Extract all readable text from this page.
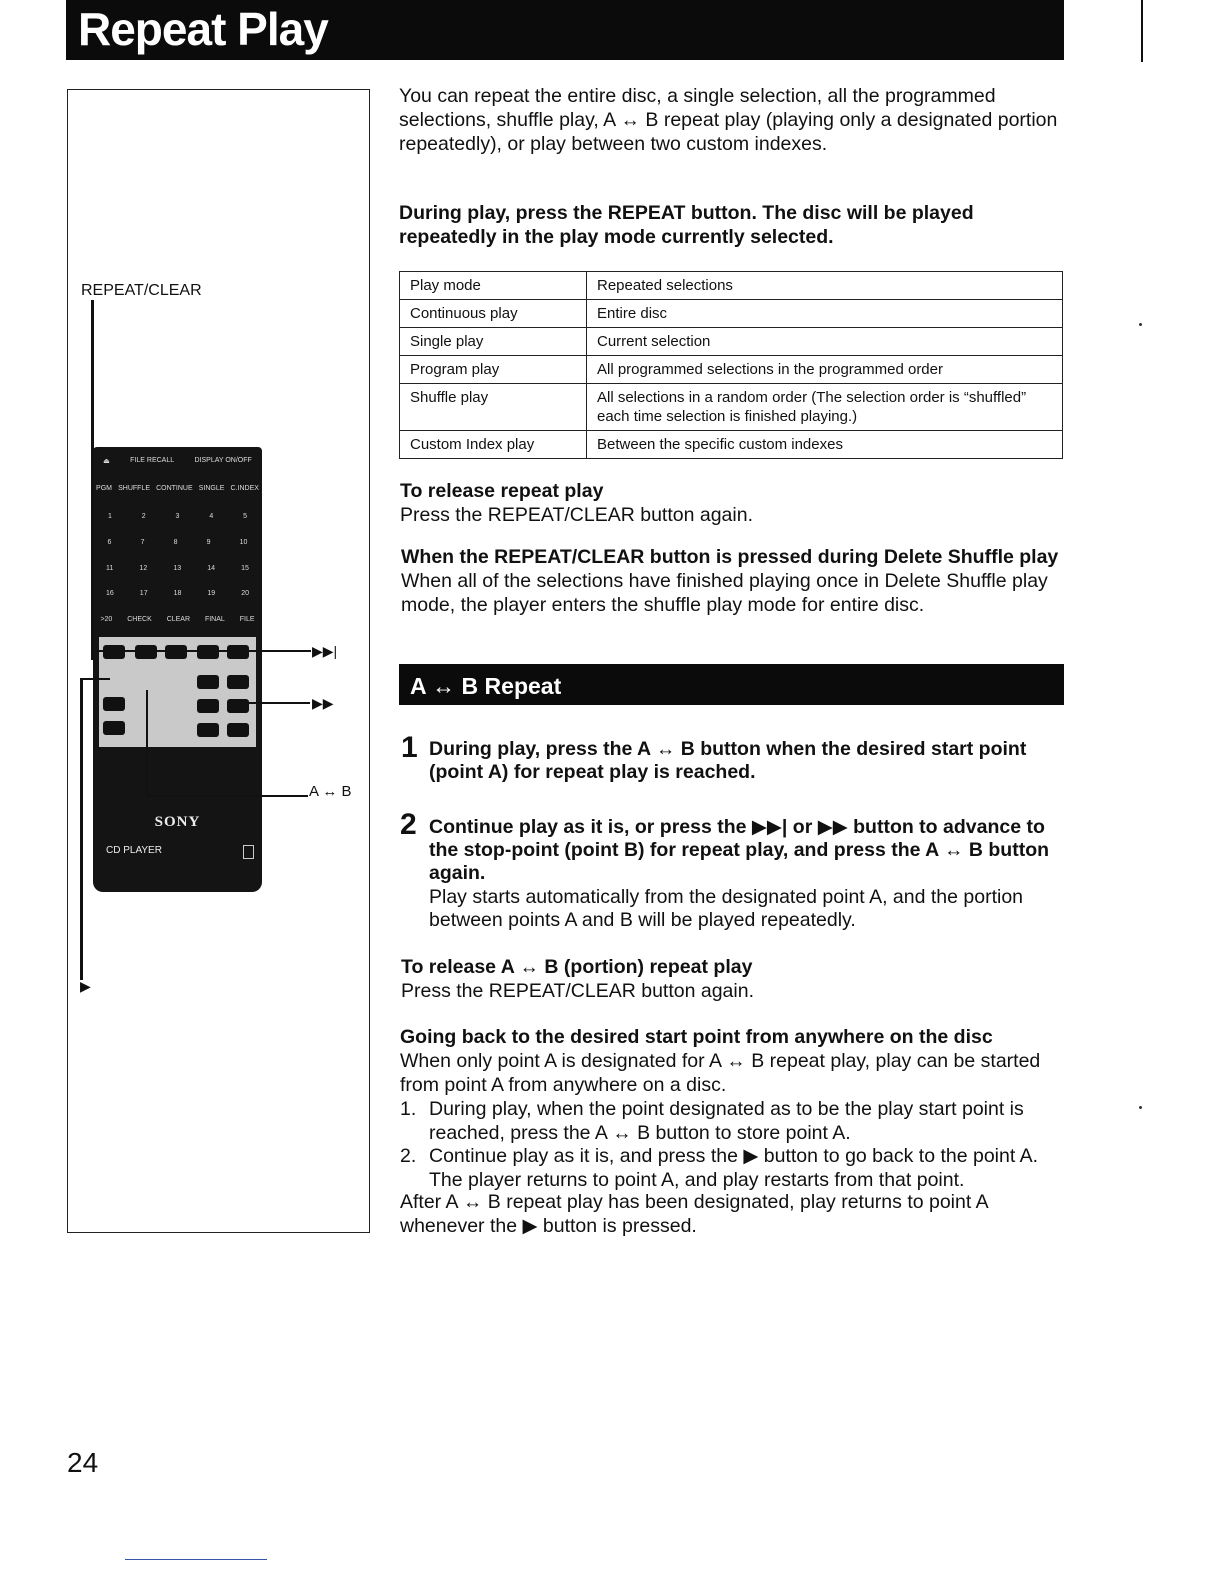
Repeat Play
REPEAT/CLEAR
⏏	FILE RECALL	DISPLAY ON/OFF
PGM SHUFFLE CONTINUE SINGLE C.INDEX
1	2	3	4	5
6	7	8	9	10
11	12	13	14	15
16	17	18	19	20
>20 CHECK CLEAR FINAL FILE
SONY
CD PLAYER
▶▶|
▶▶
▶
A ↔ B
You can repeat the entire disc, a single selection, all the programmed selections, shuffle play, A ↔ B repeat play (playing only a designated portion repeatedly), or play between two custom indexes.
During play, press the REPEAT button. The disc will be played repeatedly in the play mode currently selected.
Play mode	Repeated selections
Continuous play	Entire disc
Single play	Current selection
Program play	All programmed selections in the programmed order
Shuffle play	All selections in a random order (The selection order is “shuffled” each time selection is finished playing.)
Custom Index play	Between the specific custom indexes
To release repeat play
Press the REPEAT/CLEAR button again.
When the REPEAT/CLEAR button is pressed during Delete Shuffle play
When all of the selections have finished playing once in Delete Shuffle play mode, the player enters the shuffle play mode for entire disc.
A ↔ B Repeat
1 During play, press the A ↔ B button when the desired start point (point A) for repeat play is reached.
2 Continue play as it is, or press the ▶▶| or ▶▶ button to advance to the stop-point (point B) for repeat play, and press the A ↔ B button again.
Play starts automatically from the designated point A, and the portion between points A and B will be played repeatedly.
To release A ↔ B (portion) repeat play
Press the REPEAT/CLEAR button again.
Going back to the desired start point from anywhere on the disc
When only point A is designated for A ↔ B repeat play, play can be started from point A from anywhere on a disc.
1. During play, when the point designated as to be the play start point is reached, press the A ↔ B button to store point A.
2. Continue play as it is, and press the ▶ button to go back to the point A. The player returns to point A, and play restarts from that point.
After A ↔ B repeat play has been designated, play returns to point A whenever the ▶ button is pressed.
24
